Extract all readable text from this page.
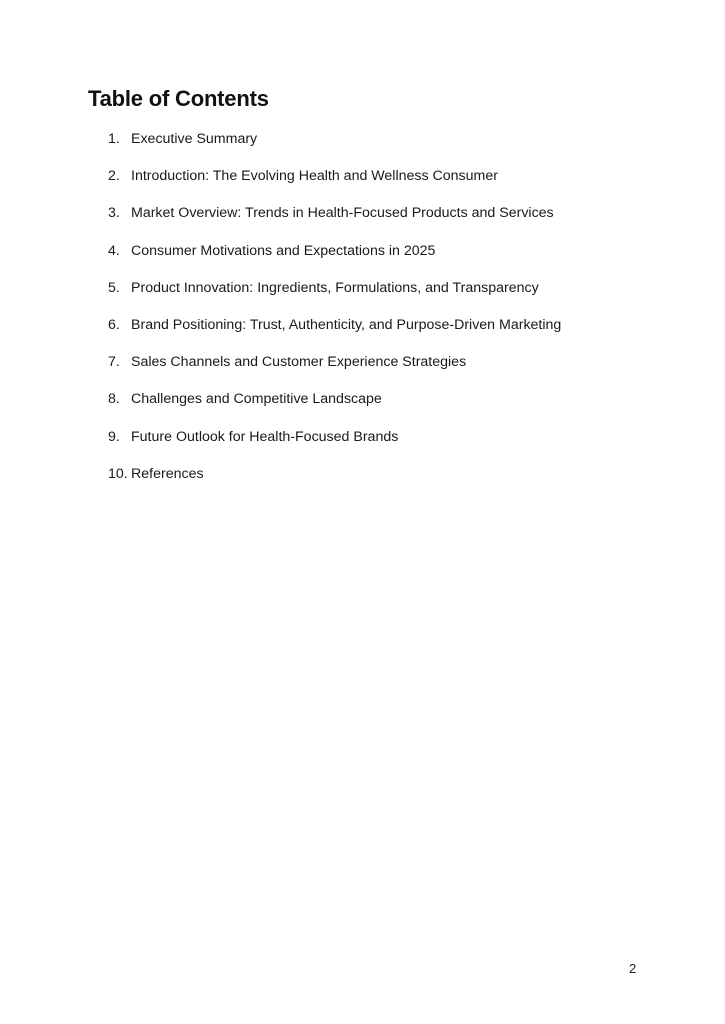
Table of Contents
1. Executive Summary
2. Introduction: The Evolving Health and Wellness Consumer
3. Market Overview: Trends in Health-Focused Products and Services
4. Consumer Motivations and Expectations in 2025
5. Product Innovation: Ingredients, Formulations, and Transparency
6. Brand Positioning: Trust, Authenticity, and Purpose-Driven Marketing
7. Sales Channels and Customer Experience Strategies
8. Challenges and Competitive Landscape
9. Future Outlook for Health-Focused Brands
10. References
2
